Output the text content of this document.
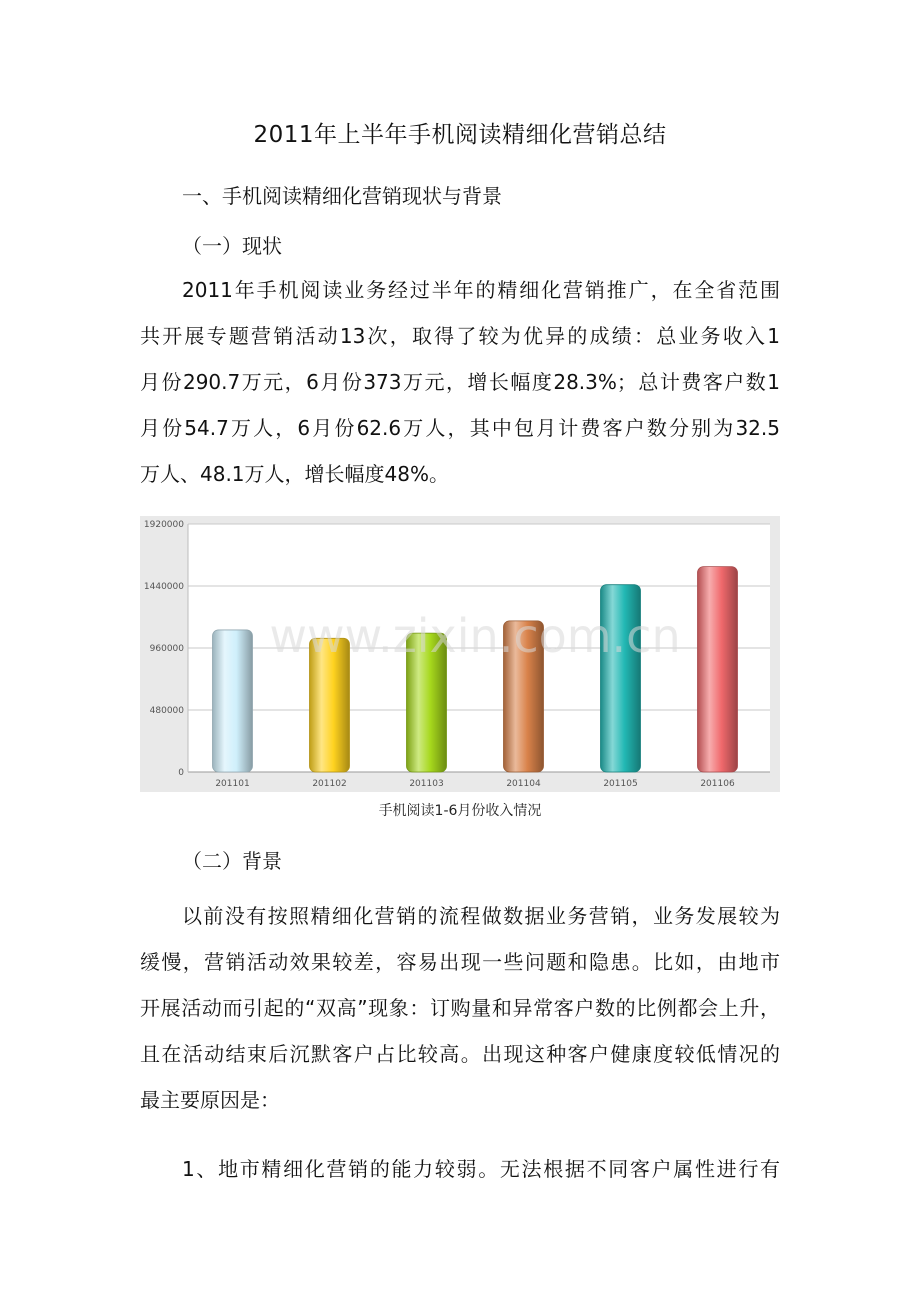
2011年上半年手机阅读精细化营销总结
一、手机阅读精细化营销现状与背景
（一）现状
2011年手机阅读业务经过半年的精细化营销推广，在全省范围
共开展专题营销活动13次，取得了较为优异的成绩：总业务收入1
月份290.7万元，6月份373万元，增长幅度28.3%；总计费客户数1
月份54.7万人，6月份62.6万人，其中包月计费客户数分别为32.5
万人、48.1万人，增长幅度48%。
0
480000
960000
1440000
1920000
201101	201102	201103	201104	201105	201106
www.zixin.com.cn
手机阅读1-6月份收入情况
（二）背景
以前没有按照精细化营销的流程做数据业务营销，业务发展较为
缓慢，营销活动效果较差，容易出现一些问题和隐患。比如，由地市
开展活动而引起的“双高”现象：订购量和异常客户数的比例都会上升，
且在活动结束后沉默客户占比较高。出现这种客户健康度较低情况的
最主要原因是：
1、地市精细化营销的能力较弱。无法根据不同客户属性进行有
